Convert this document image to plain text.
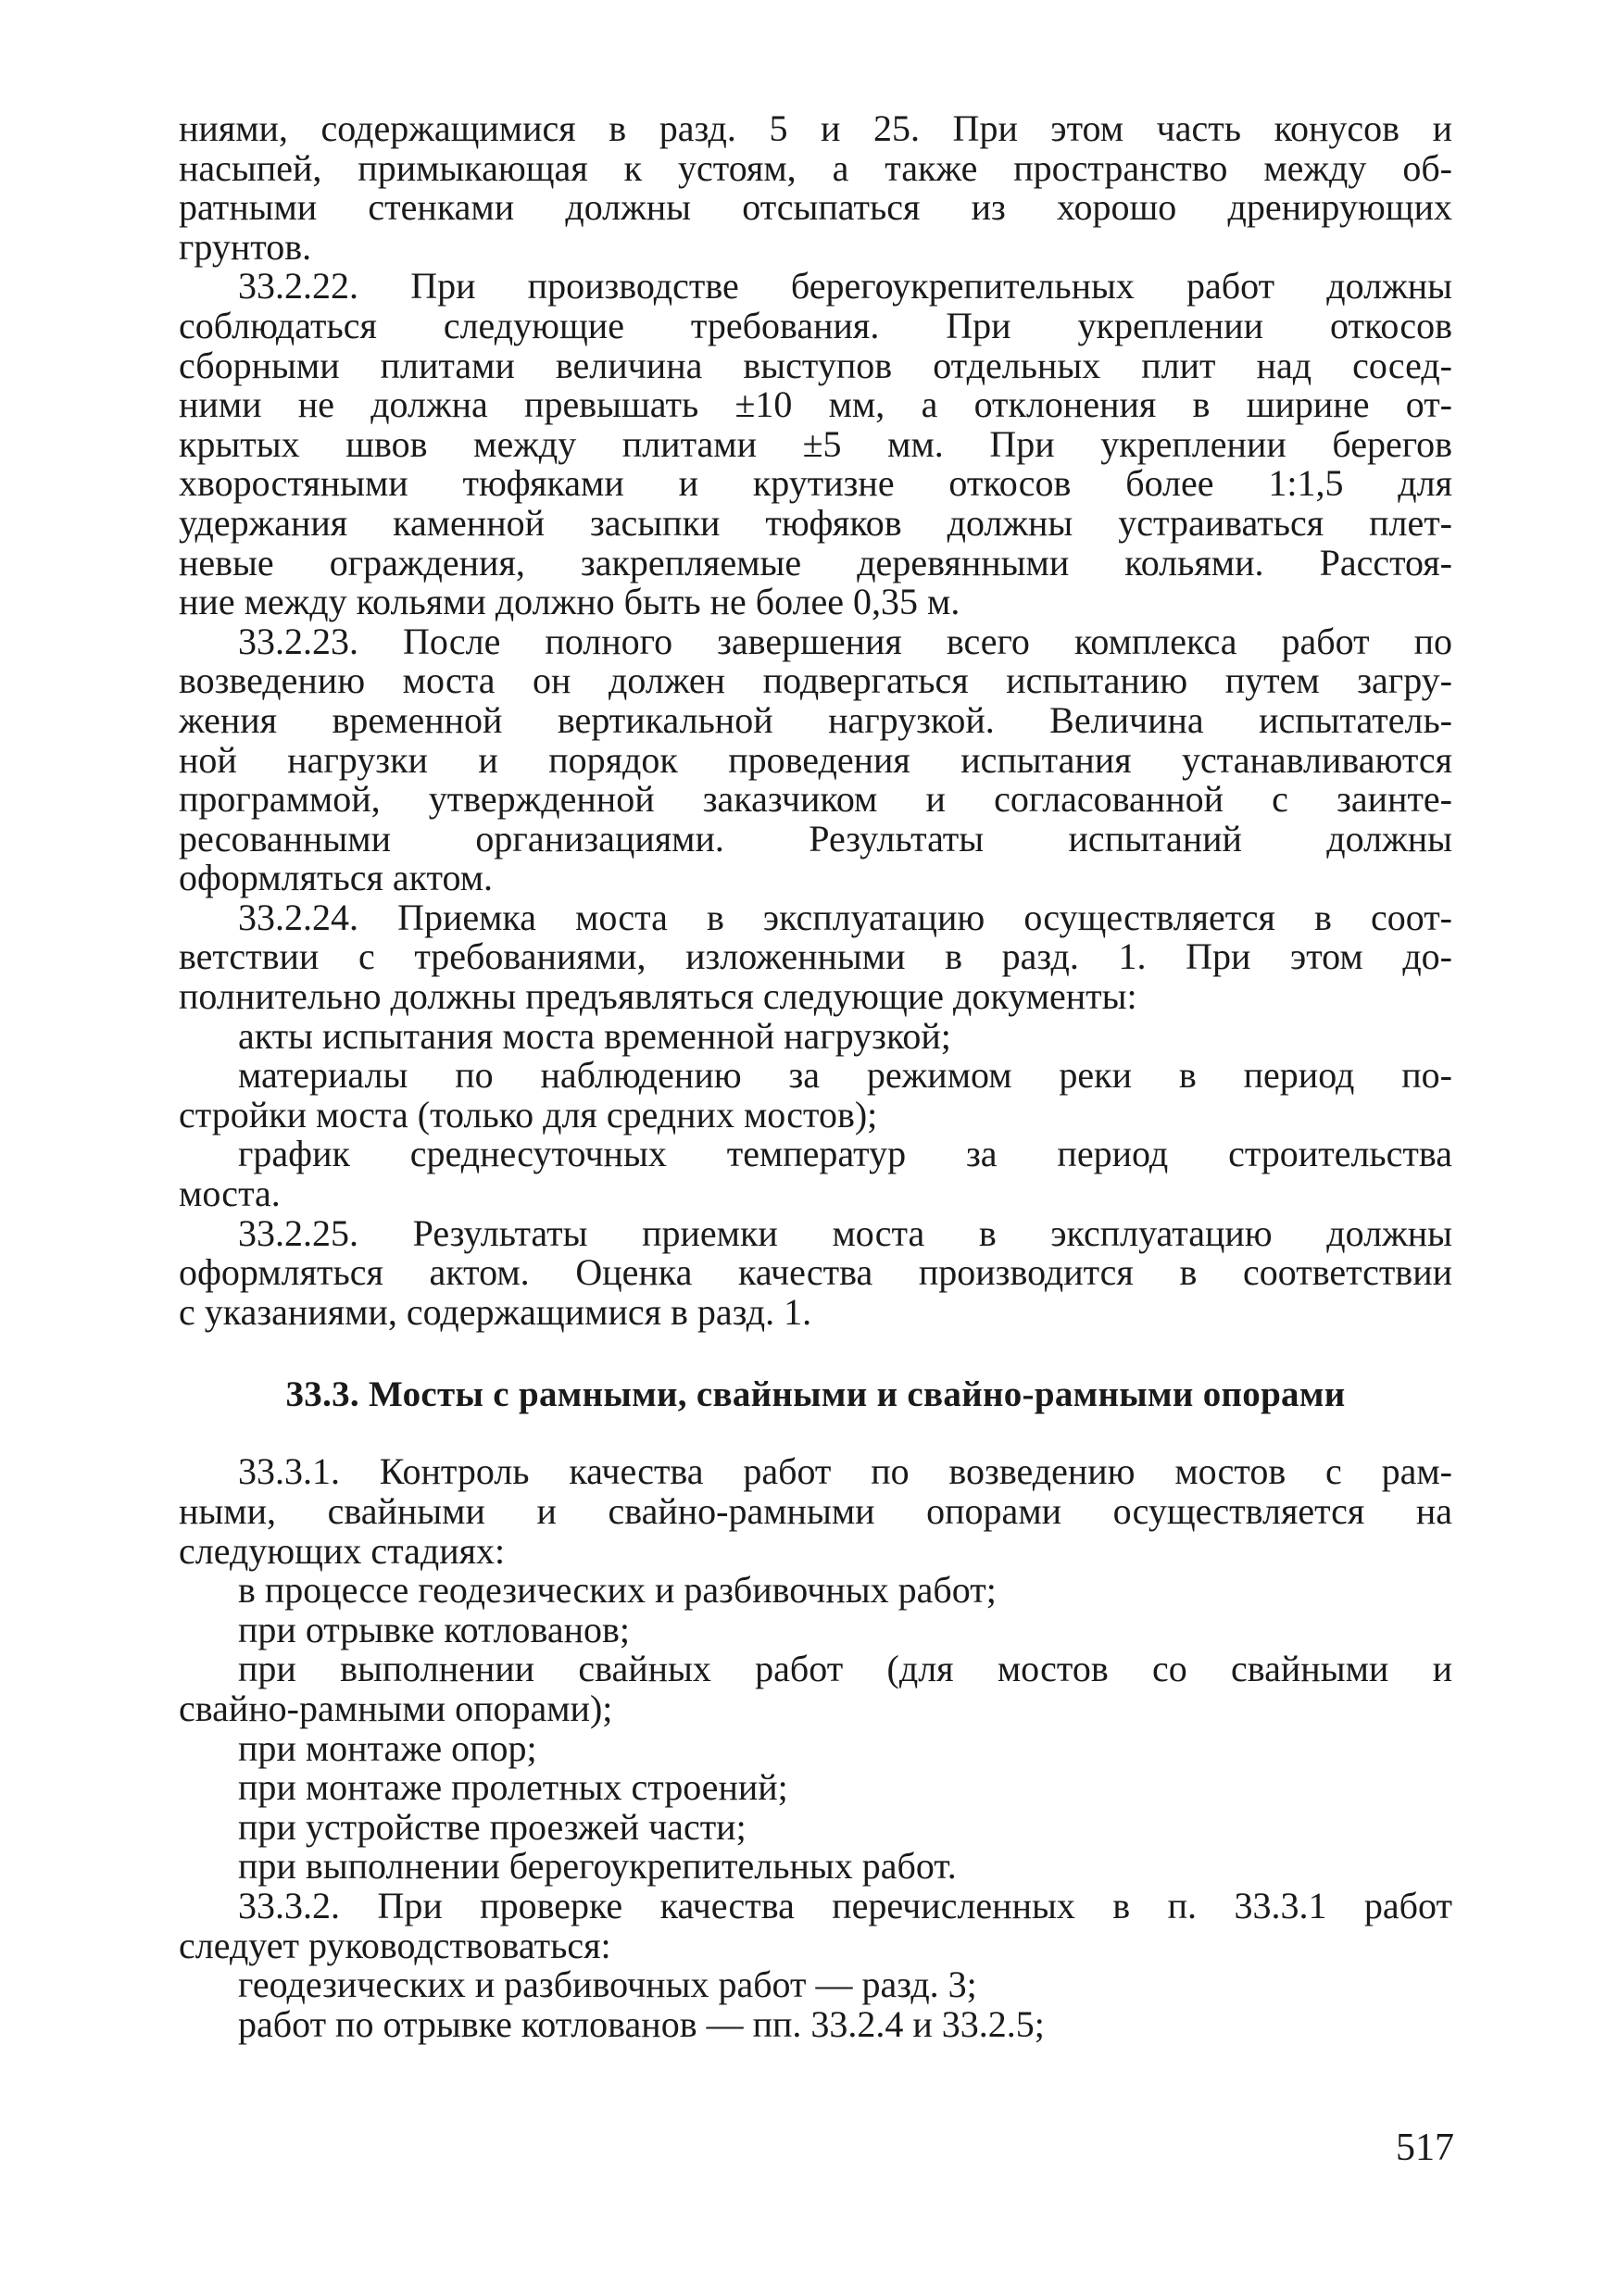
ниями, содержащимися в разд. 5 и 25. При этом часть конусов и
насыпей, примыкающая к устоям, а также пространство между об-
ратными стенками должны отсыпаться из хорошо дренирующих
грунтов.
33.2.22. При производстве берегоукрепительных работ должны
соблюдаться следующие требования. При укреплении откосов
сборными плитами величина выступов отдельных плит над сосед-
ними не должна превышать ±10 мм, а отклонения в ширине от-
крытых швов между плитами ±5 мм. При укреплении берегов
хворостяными тюфяками и крутизне откосов более 1:1,5 для
удержания каменной засыпки тюфяков должны устраиваться плет-
невые ограждения, закрепляемые деревянными кольями. Расстоя-
ние между кольями должно быть не более 0,35 м.
33.2.23. После полного завершения всего комплекса работ по
возведению моста он должен подвергаться испытанию путем загру-
жения временной вертикальной нагрузкой. Величина испытатель-
ной нагрузки и порядок проведения испытания устанавливаются
программой, утвержденной заказчиком и согласованной с заинте-
ресованными организациями. Результаты испытаний должны
оформляться актом.
33.2.24. Приемка моста в эксплуатацию осуществляется в соот-
ветствии с требованиями, изложенными в разд. 1. При этом до-
полнительно должны предъявляться следующие документы:
акты испытания моста временной нагрузкой;
материалы по наблюдению за режимом реки в период по-
стройки моста (только для средних мостов);
график среднесуточных температур за период строительства
моста.
33.2.25. Результаты приемки моста в эксплуатацию должны
оформляться актом. Оценка качества производится в соответствии
с указаниями, содержащимися в разд. 1.
33.3. Мосты с рамными, свайными и свайно-рамными опорами
33.3.1. Контроль качества работ по возведению мостов с рам-
ными, свайными и свайно-рамными опорами осуществляется на
следующих стадиях:
в процессе геодезических и разбивочных работ;
при отрывке котлованов;
при выполнении свайных работ (для мостов со свайными и
свайно-рамными опорами);
при монтаже опор;
при монтаже пролетных строений;
при устройстве проезжей части;
при выполнении берегоукрепительных работ.
33.3.2. При проверке качества перечисленных в п. 33.3.1 работ
следует руководствоваться:
геодезических и разбивочных работ — разд. 3;
работ по отрывке котлованов — пп. 33.2.4 и 33.2.5;
517
